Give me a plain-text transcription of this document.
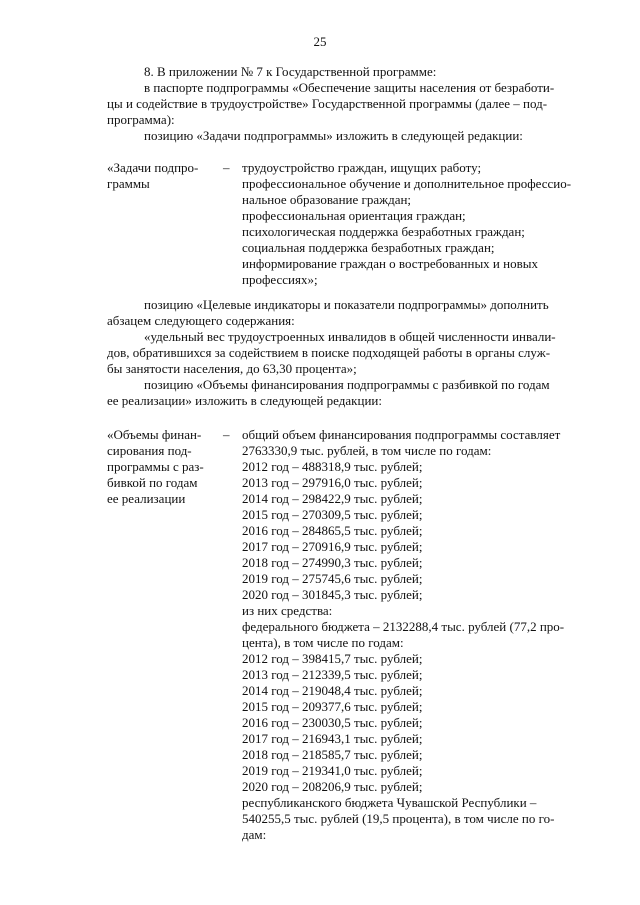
25
8. В приложении № 7 к Государственной программе:
в паспорте подпрограммы «Обеспечение защиты населения от безработи-
цы и содействие в трудоустройстве» Государственной программы (далее – под-
программа):
позицию «Задачи подпрограммы» изложить в следующей редакции:
«Задачи подпро-
граммы
– трудоустройство граждан, ищущих работу;
профессиональное обучение и дополнительное профессио-
нальное образование граждан;
профессиональная ориентация граждан;
психологическая поддержка безработных граждан;
социальная поддержка безработных граждан;
информирование граждан о востребованных и новых
профессиях»;
позицию «Целевые индикаторы и показатели подпрограммы» дополнить
абзацем следующего содержания:
«удельный вес трудоустроенных инвалидов в общей численности инвали-
дов, обратившихся за содействием в поиске подходящей работы в органы служ-
бы занятости населения, до 63,30 процента»;
позицию «Объемы финансирования подпрограммы с разбивкой по годам
ее реализации» изложить в следующей редакции:
«Объемы финан-
сирования под-
программы с раз-
бивкой по годам
ее реализации
– общий объем финансирования подпрограммы составляет
2763330,9 тыс. рублей, в том числе по годам:
2012 год – 488318,9 тыс. рублей;
2013 год – 297916,0 тыс. рублей;
2014 год – 298422,9 тыс. рублей;
2015 год – 270309,5 тыс. рублей;
2016 год – 284865,5 тыс. рублей;
2017 год – 270916,9 тыс. рублей;
2018 год – 274990,3 тыс. рублей;
2019 год – 275745,6 тыс. рублей;
2020 год – 301845,3 тыс. рублей;
из них средства:
федерального бюджета – 2132288,4 тыс. рублей (77,2 про-
цента), в том числе по годам:
2012 год – 398415,7 тыс. рублей;
2013 год – 212339,5 тыс. рублей;
2014 год – 219048,4 тыс. рублей;
2015 год – 209377,6 тыс. рублей;
2016 год – 230030,5 тыс. рублей;
2017 год – 216943,1 тыс. рублей;
2018 год – 218585,7 тыс. рублей;
2019 год – 219341,0 тыс. рублей;
2020 год – 208206,9 тыс. рублей;
республиканского бюджета Чувашской Республики –
540255,5 тыс. рублей (19,5 процента), в том числе по го-
дам:
